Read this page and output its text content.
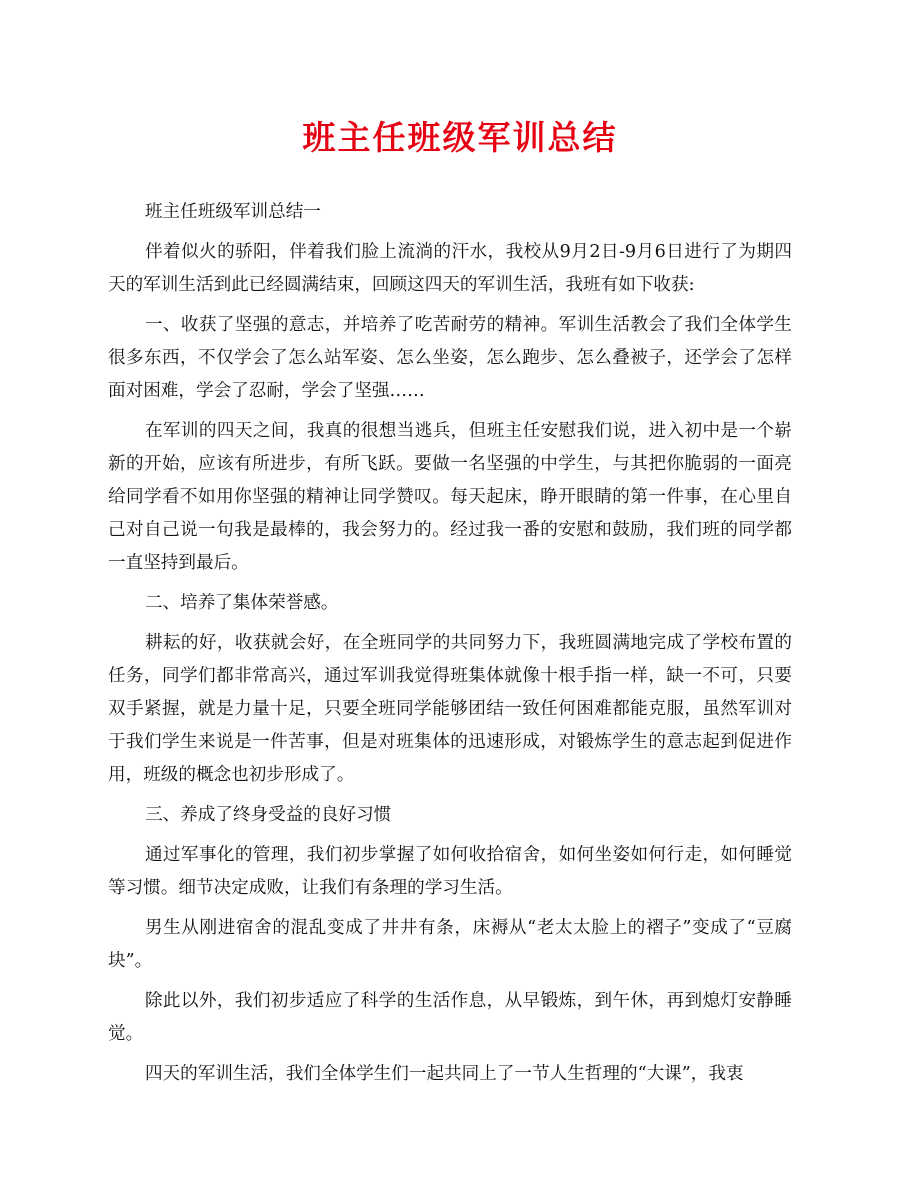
班主任班级军训总结

班主任班级军训总结一

伴着似火的骄阳，伴着我们脸上流淌的汗水，我校从9月2日-9月6日进行了为期四天的军训生活到此已经圆满结束，回顾这四天的军训生活，我班有如下收获:

一、收获了坚强的意志，并培养了吃苦耐劳的精神。军训生活教会了我们全体学生很多东西，不仅学会了怎么站军姿、怎么坐姿，怎么跑步、怎么叠被子，还学会了怎样面对困难，学会了忍耐，学会了坚强……

在军训的四天之间，我真的很想当逃兵，但班主任安慰我们说，进入初中是一个崭新的开始，应该有所进步，有所飞跃。要做一名坚强的中学生，与其把你脆弱的一面亮给同学看不如用你坚强的精神让同学赞叹。每天起床，睁开眼睛的第一件事，在心里自己对自己说一句我是最棒的，我会努力的。经过我一番的安慰和鼓励，我们班的同学都一直坚持到最后。

二、培养了集体荣誉感。

耕耘的好，收获就会好，在全班同学的共同努力下，我班圆满地完成了学校布置的任务，同学们都非常高兴，通过军训我觉得班集体就像十根手指一样，缺一不可，只要双手紧握，就是力量十足，只要全班同学能够团结一致任何困难都能克服，虽然军训对于我们学生来说是一件苦事，但是对班集体的迅速形成，对锻炼学生的意志起到促进作用，班级的概念也初步形成了。

三、养成了终身受益的良好习惯

通过军事化的管理，我们初步掌握了如何收拾宿舍，如何坐姿如何行走，如何睡觉等习惯。细节决定成败，让我们有条理的学习生活。

男生从刚进宿舍的混乱变成了井井有条，床褥从“老太太脸上的褶子”变成了“豆腐块”。

除此以外，我们初步适应了科学的生活作息，从早锻炼，到午休，再到熄灯安静睡觉。

四天的军训生活，我们全体学生们一起共同上了一节人生哲理的“大课”，我衷
